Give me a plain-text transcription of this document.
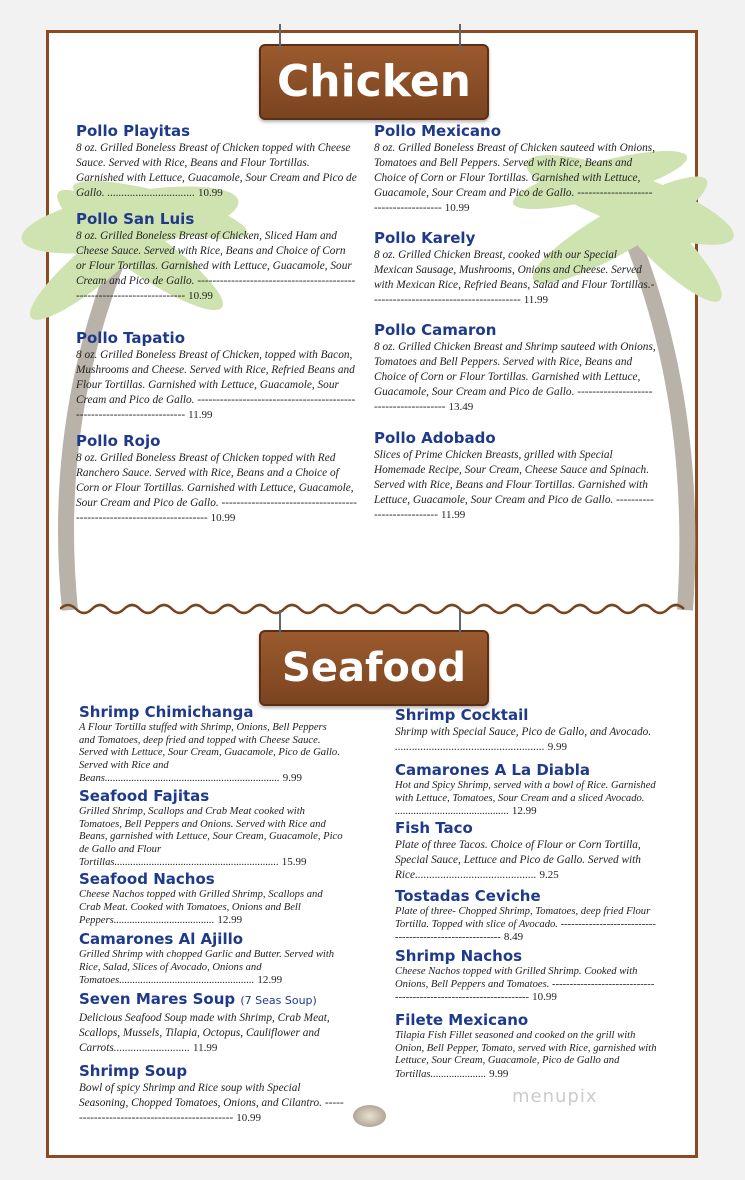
Chicken
Pollo Playitas

8 oz. Grilled Boneless Breast of Chicken topped with Cheese Sauce. Served with Rice, Beans and Flour Tortillas. Garnished with Lettuce, Guacamole, Sour Cream and Pico de Gallo. ............................... 10.99

Pollo San Luis

8 oz. Grilled Boneless Breast of Chicken, Sliced Ham and Cheese Sauce. Served with Rice, Beans and Choice of Corn or Flour Tortillas. Garnished with Lettuce, Guacamole, Sour Cream and Pico de Gallo. ----------------------------------------------------------------------- 10.99

Pollo Tapatio

8 oz. Grilled Boneless Breast of Chicken, topped with Bacon, Mushrooms and Cheese. Served with Rice, Refried Beans and Flour Tortillas. Garnished with Lettuce, Guacamole, Sour Cream and Pico de Gallo. ----------------------------------------------------------------------- 11.99

Pollo Rojo

8 oz. Grilled Boneless Breast of Chicken topped with Red Ranchero Sauce. Served with Rice, Beans and a Choice of Corn or Flour Tortillas. Garnished with Lettuce, Guacamole, Sour Cream and Pico de Gallo. ----------------------------------------------------------------------- 10.99

Pollo Mexicano

8 oz. Grilled Boneless Breast of Chicken sauteed with Onions, Tomatoes and Bell Peppers. Served with Rice, Beans and Choice of Corn or Flour Tortillas. Garnished with Lettuce, Guacamole, Sour Cream and Pico de Gallo. -------------------------------------- 10.99

Pollo Karely

8 oz. Grilled Chicken Breast, cooked with our Special Mexican Sausage, Mushrooms, Onions and Cheese. Served with Mexican Rice, Refried Beans, Salad and Flour Tortillas.---------------------------------------- 11.99

Pollo Camaron

8 oz. Grilled Chicken Breast and Shrimp sauteed with Onions, Tomatoes and Bell Peppers. Served with Rice, Beans and Choice of Corn or Flour Tortillas. Garnished with Lettuce, Guacamole, Sour Cream and Pico de Gallo. --------------------------------------- 13.49

Pollo Adobado

Slices of Prime Chicken Breasts, grilled with Special Homemade Recipe, Sour Cream, Cheese Sauce and Spinach. Served with Rice, Beans and Flour Tortillas. Garnished with Lettuce, Guacamole, Sour Cream and Pico de Gallo. --------------------------- 11.99

Seafood
Shrimp Chimichanga

A Flour Tortilla stuffed with Shrimp, Onions, Bell Peppers and Tomatoes, deep fried and topped with Cheese Sauce. Served with Lettuce, Sour Cream, Guacamole, Pico de Gallo. Served with Rice and Beans.................................................................. 9.99

Seafood Fajitas

Grilled Shrimp, Scallops and Crab Meat cooked with Tomatoes, Bell Peppers and Onions. Served with Rice and Beans, garnished with Lettuce, Sour Cream, Guacamole, Pico de Gallo and Flour Tortillas.............................................................. 15.99

Seafood Nachos

Cheese Nachos topped with Grilled Shrimp, Scallops and Crab Meat. Cooked with Tomatoes, Onions and Bell Peppers...................................... 12.99

Camarones Al Ajillo

Grilled Shrimp with chopped Garlic and Butter. Served with Rice, Salad, Slices of Avocado, Onions and Tomatoes................................................... 12.99

Seven Mares Soup (7 Seas Soup)

Delicious Seafood Soup made with Shrimp, Crab Meat, Scallops, Mussels, Tilapia, Octopus, Cauliflower and Carrots........................... 11.99

Shrimp Soup

Bowl of spicy Shrimp and Rice soup with Special Seasoning, Chopped Tomatoes, Onions, and Cilantro. ---------------------------------------------- 10.99

Shrimp Cocktail

Shrimp with Special Sauce, Pico de Gallo, and Avocado. ..................................................... 9.99

Camarones A La Diabla

Hot and Spicy Shrimp, served with a bowl of Rice. Garnished with Lettuce, Tomatoes, Sour Cream and a sliced Avocado. ........................................... 12.99

Fish Taco

Plate of three Tacos. Choice of Flour or Corn Tortilla, Special Sauce, Lettuce and Pico de Gallo. Served with Rice........................................... 9.25

Tostadas Ceviche

Plate of three- Chopped Shrimp, Tomatoes, deep fried Flour Tortilla. Topped with slice of Avocado. --------------------------------------------------------- 8.49

Shrimp Nachos

Cheese Nachos topped with Grilled Shrimp. Cooked with Onions, Bell Peppers and Tomatoes. ------------------------------------------------------------------- 10.99

Filete Mexicano

Tilapia Fish Fillet seasoned and cooked on the grill with Onion, Bell Pepper, Tomato, served with Rice, garnished with Lettuce, Sour Cream, Guacamole, Pico de Gallo and Tortillas..................... 9.99

menupix
